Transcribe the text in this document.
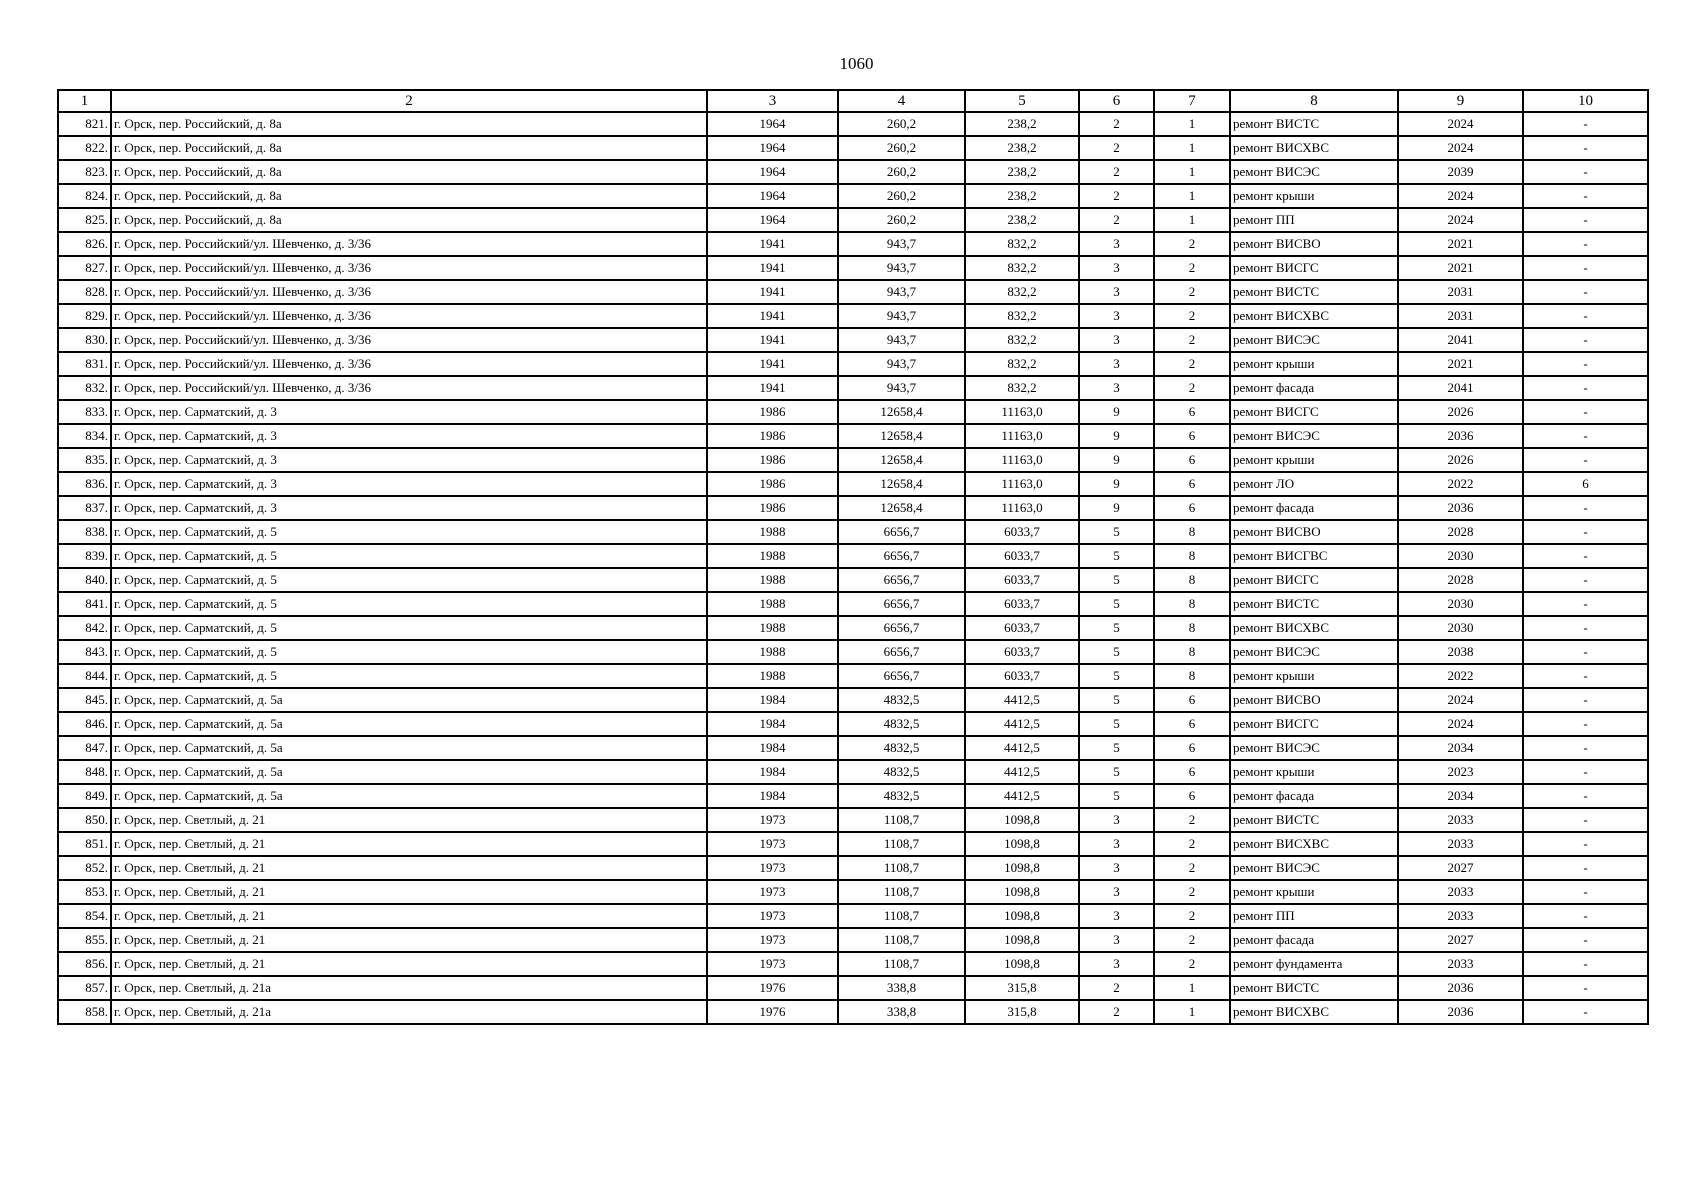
1060
1	2	3	4	5	6	7	8	9	10
821.	г. Орск, пер. Российский, д. 8а	1964	260,2	238,2	2	1	ремонт ВИСТС	2024	-
822.	г. Орск, пер. Российский, д. 8а	1964	260,2	238,2	2	1	ремонт ВИСХВС	2024	-
823.	г. Орск, пер. Российский, д. 8а	1964	260,2	238,2	2	1	ремонт ВИСЭС	2039	-
824.	г. Орск, пер. Российский, д. 8а	1964	260,2	238,2	2	1	ремонт крыши	2024	-
825.	г. Орск, пер. Российский, д. 8а	1964	260,2	238,2	2	1	ремонт ПП	2024	-
826.	г. Орск, пер. Российский/ул. Шевченко, д. 3/36	1941	943,7	832,2	3	2	ремонт ВИСВО	2021	-
827.	г. Орск, пер. Российский/ул. Шевченко, д. 3/36	1941	943,7	832,2	3	2	ремонт ВИСГС	2021	-
828.	г. Орск, пер. Российский/ул. Шевченко, д. 3/36	1941	943,7	832,2	3	2	ремонт ВИСТС	2031	-
829.	г. Орск, пер. Российский/ул. Шевченко, д. 3/36	1941	943,7	832,2	3	2	ремонт ВИСХВС	2031	-
830.	г. Орск, пер. Российский/ул. Шевченко, д. 3/36	1941	943,7	832,2	3	2	ремонт ВИСЭС	2041	-
831.	г. Орск, пер. Российский/ул. Шевченко, д. 3/36	1941	943,7	832,2	3	2	ремонт крыши	2021	-
832.	г. Орск, пер. Российский/ул. Шевченко, д. 3/36	1941	943,7	832,2	3	2	ремонт фасада	2041	-
833.	г. Орск, пер. Сарматский, д. 3	1986	12658,4	11163,0	9	6	ремонт ВИСГС	2026	-
834.	г. Орск, пер. Сарматский, д. 3	1986	12658,4	11163,0	9	6	ремонт ВИСЭС	2036	-
835.	г. Орск, пер. Сарматский, д. 3	1986	12658,4	11163,0	9	6	ремонт крыши	2026	-
836.	г. Орск, пер. Сарматский, д. 3	1986	12658,4	11163,0	9	6	ремонт ЛО	2022	6
837.	г. Орск, пер. Сарматский, д. 3	1986	12658,4	11163,0	9	6	ремонт фасада	2036	-
838.	г. Орск, пер. Сарматский, д. 5	1988	6656,7	6033,7	5	8	ремонт ВИСВО	2028	-
839.	г. Орск, пер. Сарматский, д. 5	1988	6656,7	6033,7	5	8	ремонт ВИСГВС	2030	-
840.	г. Орск, пер. Сарматский, д. 5	1988	6656,7	6033,7	5	8	ремонт ВИСГС	2028	-
841.	г. Орск, пер. Сарматский, д. 5	1988	6656,7	6033,7	5	8	ремонт ВИСТС	2030	-
842.	г. Орск, пер. Сарматский, д. 5	1988	6656,7	6033,7	5	8	ремонт ВИСХВС	2030	-
843.	г. Орск, пер. Сарматский, д. 5	1988	6656,7	6033,7	5	8	ремонт ВИСЭС	2038	-
844.	г. Орск, пер. Сарматский, д. 5	1988	6656,7	6033,7	5	8	ремонт крыши	2022	-
845.	г. Орск, пер. Сарматский, д. 5а	1984	4832,5	4412,5	5	6	ремонт ВИСВО	2024	-
846.	г. Орск, пер. Сарматский, д. 5а	1984	4832,5	4412,5	5	6	ремонт ВИСГС	2024	-
847.	г. Орск, пер. Сарматский, д. 5а	1984	4832,5	4412,5	5	6	ремонт ВИСЭС	2034	-
848.	г. Орск, пер. Сарматский, д. 5а	1984	4832,5	4412,5	5	6	ремонт крыши	2023	-
849.	г. Орск, пер. Сарматский, д. 5а	1984	4832,5	4412,5	5	6	ремонт фасада	2034	-
850.	г. Орск, пер. Светлый, д. 21	1973	1108,7	1098,8	3	2	ремонт ВИСТС	2033	-
851.	г. Орск, пер. Светлый, д. 21	1973	1108,7	1098,8	3	2	ремонт ВИСХВС	2033	-
852.	г. Орск, пер. Светлый, д. 21	1973	1108,7	1098,8	3	2	ремонт ВИСЭС	2027	-
853.	г. Орск, пер. Светлый, д. 21	1973	1108,7	1098,8	3	2	ремонт крыши	2033	-
854.	г. Орск, пер. Светлый, д. 21	1973	1108,7	1098,8	3	2	ремонт ПП	2033	-
855.	г. Орск, пер. Светлый, д. 21	1973	1108,7	1098,8	3	2	ремонт фасада	2027	-
856.	г. Орск, пер. Светлый, д. 21	1973	1108,7	1098,8	3	2	ремонт фундамента	2033	-
857.	г. Орск, пер. Светлый, д. 21а	1976	338,8	315,8	2	1	ремонт ВИСТС	2036	-
858.	г. Орск, пер. Светлый, д. 21а	1976	338,8	315,8	2	1	ремонт ВИСХВС	2036	-
